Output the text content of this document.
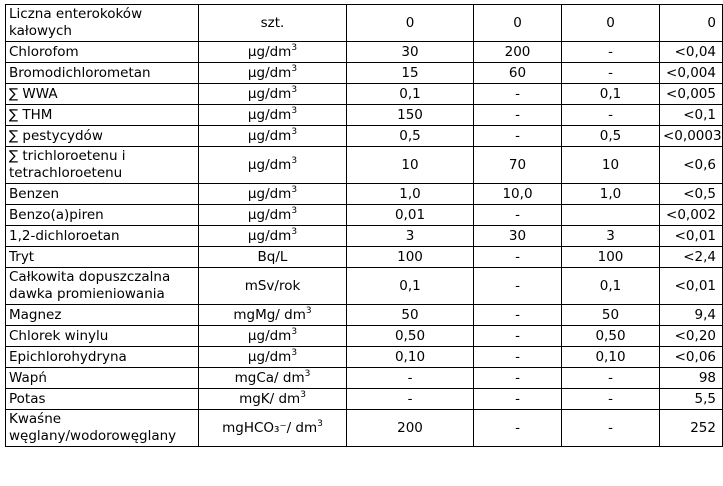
Liczna enterokoków kałowych	szt.	0	0	0	0
Chlorofom	$\mu g/dm^3$	30	200	-	<0,04
Bromodichlorometan	$\mu g/dm^3$	15	60	-	<0,004
∑ WWA	$\mu g/dm^3$	0,1	-	0,1	<0,005
∑ THM	$\mu g/dm^3$	150	-	-	<0,1
∑ pestycydów	$\mu g/dm^3$	0,5	-	0,5	<0,0003
∑ trichloroetenu i tetrachloroetenu	$\mu g/dm^3$	10	70	10	<0,6
Benzen	$\mu g/dm^3$	1,0	10,0	1,0	<0,5
Benzo(a)piren	$\mu g/dm^3$	0,01	-		<0,002
1,2-dichloroetan	$\mu g/dm^3$	3	30	3	<0,01
Tryt	Bq/L	100	-	100	<2,4
Całkowita dopuszczalna dawka promieniowania	mSv/rok	0,1	-	0,1	<0,01
Magnez	mgMg/ $dm^3$	50	-	50	9,4
Chlorek winylu	$\mu g/dm^3$	0,50	-	0,50	<0,20
Epichlorohydryna	$\mu g/dm^3$	0,10	-	0,10	<0,06
Wapń	mgCa/ $dm^3$	-	-	-	98
Potas	mgK/ $dm^3$	-	-	-	5,5
Kwaśne węglany/wodorowęglany	mgHCO₃⁻/ $dm^3$	200	-	-	252
